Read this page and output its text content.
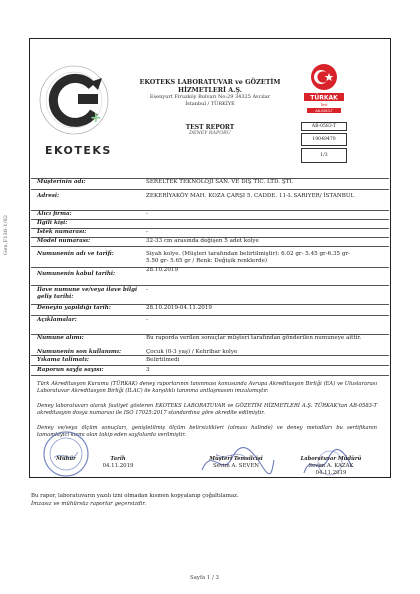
Gen.F136-1/02
+
EKOTEKS
EKOTEKS LABORATUVAR ve GÖZETİM
HİZMETLERİ A.Ş.
Esenyurt Firuzköy Bulvarı No:29 34325 Avcılar
İstanbul / TÜRKİYE
TEST REPORT
DENEY RAPORU
TÜRKAK
Test
AB-0583-T
AB-0583-T
19049470
1/3
Müşterinin adı:	SERELTEK TEKNOLOJİ SAN. VE DIŞ TİC. LTD. ŞTİ.
Adresi:	ZEKERİYAKÖY MAH. KOZA ÇARŞI 5. CADDE. 11-L SARIYER/ İSTANBUL
Alıcı firma:	-
İlgili kişi:
İstek numarası:	-
Model numarası:	32-33 cm arasında değişen 5 adet kolye
Numunenin adı ve tarifi:	Siyah kolye. (Müşteri tarafından belirtilmiştir): 6.02 gr- 5.45 gr-6.35 gr- 5.50 gr- 5.65 gr / Renk: Değişik renklerde)
Numunenin kabul tarihi:
28.10.2019
İlave numune ve/veya ilave bilgi geliş tarihi:
-
Deneyin yapıldığı tarih:	28.10.2019-04.11.2019
Açıklamalar:	-
Numune alımı:	Bu raporda verilen sonuçlar müşteri tarafından gönderilen numuneye aittir.
Numunenin son kullanımı:	Çocuk (0-3 yaş) / Kehribar kolye
Yıkama talimatı:	Belirtilmedi
Raporun sayfa sayısı:	3
Türk Akreditasyon Kurumu (TÜRKAK) deney raporlarının tanınması konusunda Avrupa Akreditasyon Birliği (EA) ve Uluslararası Laboratuvar Akreditasyon Birliği (ILAC) ile karşılıklı tanınma antlaşmasını imzalamıştır.
Deney laboratuvarı olarak faaliyet gösteren EKOTEKS LABORATUVAR ve GÖZETİM HİZMETLERİ A.Ş. TÜRKAK'tan AB-0583-T akreditasyon dosya numarası ile ISO 17025:2017 standardına göre akredite edilmiştir.
Deney ve/veya ölçüm sonuçları, genişletilmiş ölçüm belirsizlikleri (olması halinde) ve deney metodları bu sertifikanın tamamlayıcı kısmı olan takip eden sayfalarda verilmiştir.
Mühür	Tarih
04.11.2019
Müşteri Temsilcisi
Sevim A. SEVEN
Laboratuvar Müdürü
Sevim A. KAZAK
04.11.2019
Bu rapor, laboratuvarın yazılı izni olmadan kısmen kopyalanıp çoğaltılamaz.
İmzasız ve mühürsüz raporlar geçersizdir.
Sayfa 1 / 3
